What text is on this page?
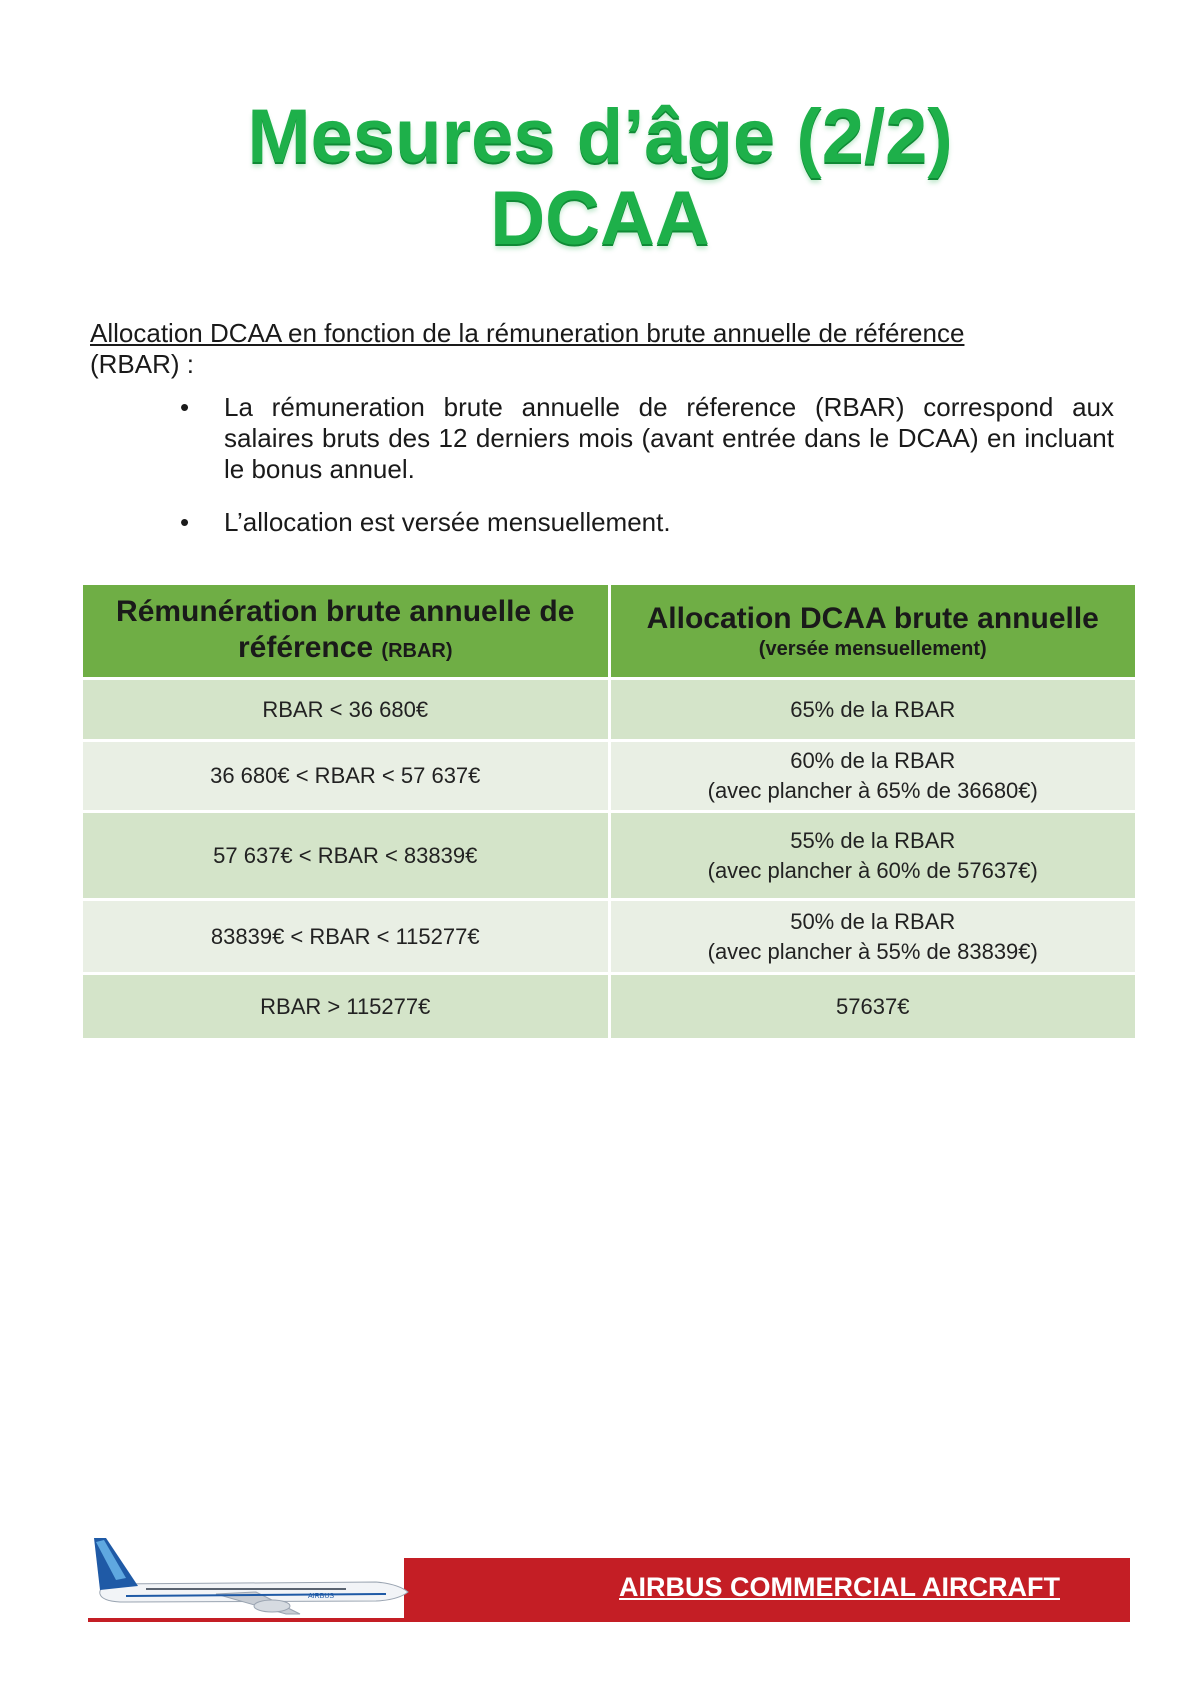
Mesures d’âge (2/2)
DCAA
Allocation DCAA en fonction de la rémuneration brute annuelle de référence
(RBAR) :
• La rémuneration brute annuelle de réference (RBAR) correspond aux salaires bruts des 12 derniers mois (avant entrée dans le DCAA) en incluant le bonus annuel.
• L’allocation est versée mensuellement.
Rémunération brute annuelle de référence (RBAR)	Allocation DCAA brute annuelle
(versée mensuellement)

RBAR < 36 680€	65% de la RBAR

36 680€ < RBAR < 57 637€	60% de la RBAR
(avec plancher à 65% de 36680€)

57 637€ < RBAR < 83839€	55% de la RBAR
(avec plancher à 60% de 57637€)

83839€ < RBAR < 115277€	50% de la RBAR
(avec plancher à 55% de 83839€)

RBAR > 115277€	57637€
AIRBUS COMMERCIAL AIRCRAFT
AIRBUS
